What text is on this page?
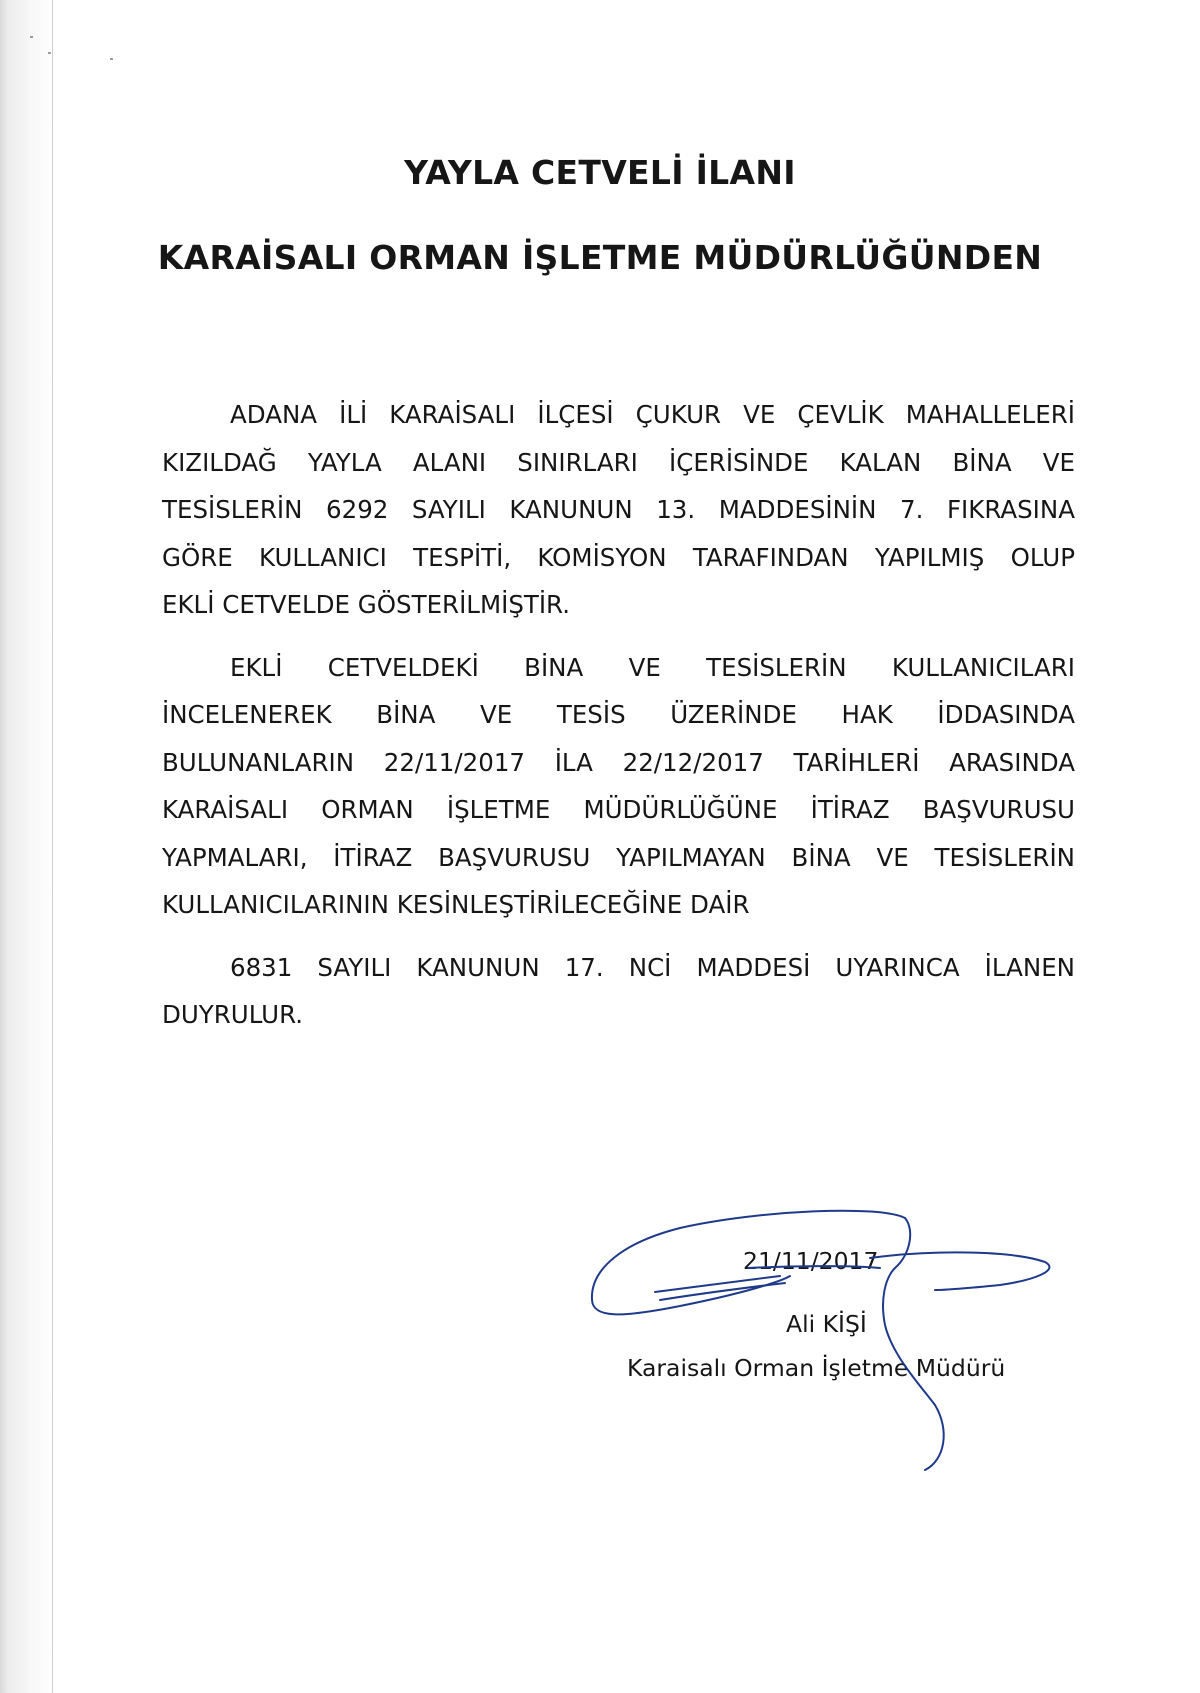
YAYLA CETVELİ İLANI
KARAİSALI ORMAN İŞLETME MÜDÜRLÜĞÜNDEN
ADANA İLİ KARAİSALI İLÇESİ ÇUKUR VE ÇEVLİK MAHALLELERİ
KIZILDAĞ YAYLA ALANI SINIRLARI İÇERİSİNDE KALAN BİNA VE
TESİSLERİN 6292 SAYILI KANUNUN 13. MADDESİNİN 7. FIKRASINA
GÖRE KULLANICI TESPİTİ, KOMİSYON TARAFINDAN YAPILMIŞ OLUP
EKLİ CETVELDE GÖSTERİLMİŞTİR.
EKLİ CETVELDEKİ BİNA VE TESİSLERİN KULLANICILARI
İNCELENEREK BİNA VE TESİS ÜZERİNDE HAK İDDASINDA
BULUNANLARIN 22/11/2017 İLA 22/12/2017 TARİHLERİ ARASINDA
KARAİSALI ORMAN İŞLETME MÜDÜRLÜĞÜNE İTİRAZ BAŞVURUSU
YAPMALARI, İTİRAZ BAŞVURUSU YAPILMAYAN BİNA VE TESİSLERİN
KULLANICILARININ KESİNLEŞTİRİLECEĞİNE DAİR
6831 SAYILI KANUNUN 17. NCİ MADDESİ UYARINCA İLANEN
DUYRULUR.
21/11/2017
Ali KİŞİ
Karaisalı Orman İşletme Müdürü
